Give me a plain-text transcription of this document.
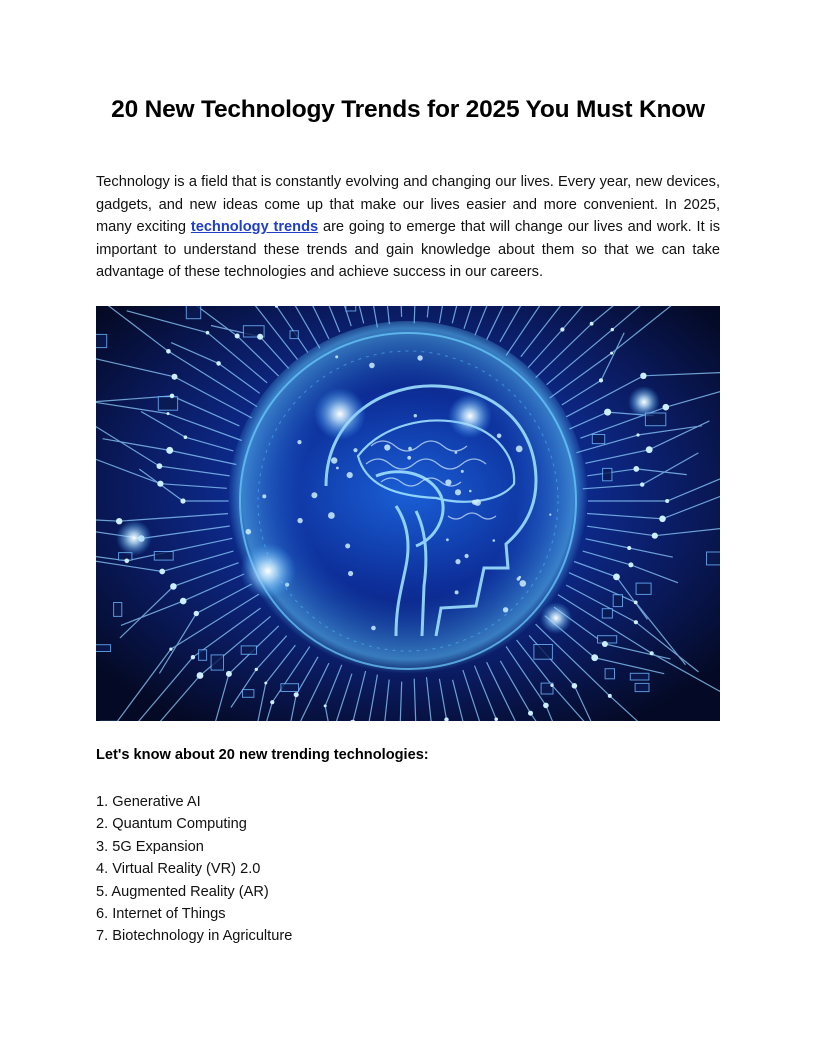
20 New Technology Trends for 2025 You Must Know

Technology is a field that is constantly evolving and changing our lives. Every year, new devices, gadgets, and new ideas come up that make our lives easier and more convenient. In 2025, many exciting technology trends are going to emerge that will change our lives and work. It is important to understand these trends and gain knowledge about them so that we can take advantage of these technologies and achieve success in our careers.

Let's know about 20 new trending technologies:
1. Generative AI
2. Quantum Computing
3. 5G Expansion
4. Virtual Reality (VR) 2.0
5. Augmented Reality (AR)
6. Internet of Things
7. Biotechnology in Agriculture
